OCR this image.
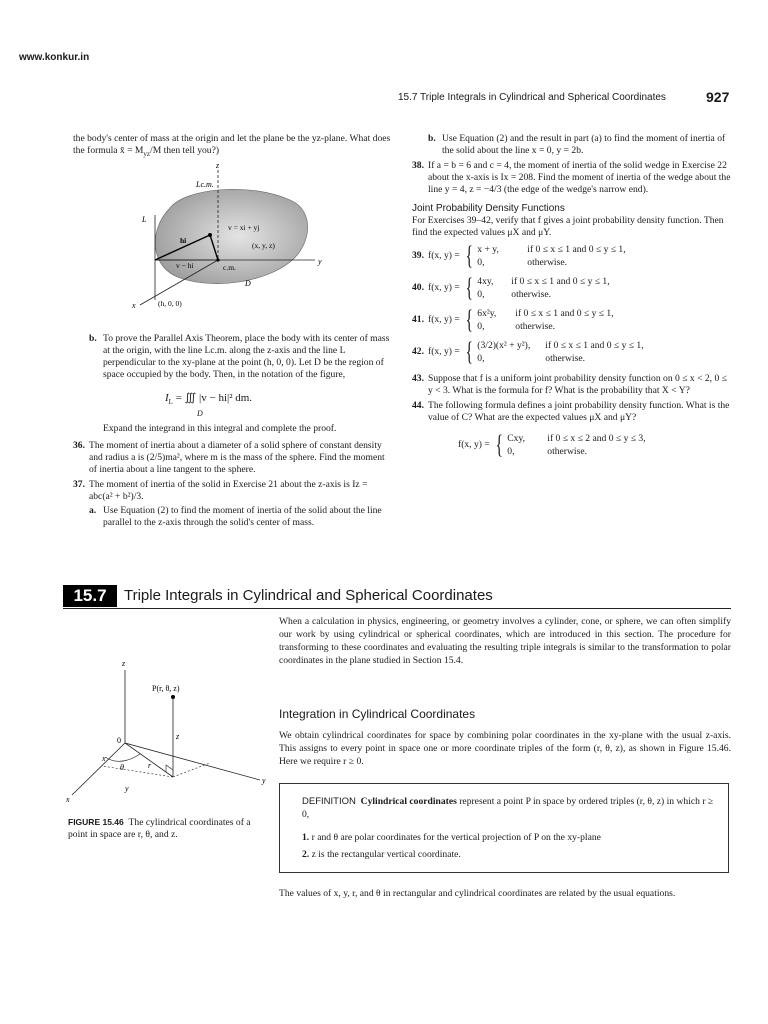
www.konkur.in
15.7 Triple Integrals in Cylindrical and Spherical Coordinates	927

the body's center of mass at the origin and let the plane be the yz-plane. What does the formula x̄ = $M_{yz}/M$ then tell you?)

Lc.m.
L
z
y
x
v = xi + yj
(x, y, z)
hi
v − hi	c.m.
D
(h, 0, 0)
b. To prove the Parallel Axis Theorem, place the body with its center of mass at the origin, with the line Lc.m. along the z-axis and the line L perpendicular to the xy-plane at the point (h, 0, 0). Let D be the region of space occupied by the body. Then, in the notation of the figure,

$I_L$ = ∭ |v − hi|² dm.
D

Expand the integrand in this integral and complete the proof.

36. The moment of inertia about a diameter of a solid sphere of constant density and radius a is (2/5)ma², where m is the mass of the sphere. Find the moment of inertia about a line tangent to the sphere.

37. The moment of inertia of the solid in Exercise 21 about the z-axis is Iz = abc(a² + b²)/3.

a. Use Equation (2) to find the moment of inertia of the solid about the line parallel to the z-axis through the solid's center of mass.

b. Use Equation (2) and the result in part (a) to find the moment of inertia of the solid about the line x = 0, y = 2b.

38. If a = b = 6 and c = 4, the moment of inertia of the solid wedge in Exercise 22 about the x-axis is Ix = 208. Find the moment of inertia of the wedge about the line y = 4, z = −4/3 (the edge of the wedge's narrow end).

Joint Probability Density Functions

For Exercises 39–42, verify that f gives a joint probability density function. Then find the expected values μX and μY.

39. f(x, y) = { x + y,	if 0 ≤ x ≤ 1 and 0 ≤ y ≤ 1,
0,	otherwise.
40. f(x, y) = { 4xy, if 0 ≤ x ≤ 1 and 0 ≤ y ≤ 1,
0,	otherwise.
41. f(x, y) = { 6x²y, if 0 ≤ x ≤ 1 and 0 ≤ y ≤ 1,
0,	otherwise.
42. f(x, y) = { (3/2)(x² + y²), if 0 ≤ x ≤ 1 and 0 ≤ y ≤ 1,
0,	otherwise.
43. Suppose that f is a uniform joint probability density function on 0 ≤ x < 2, 0 ≤ y < 3. What is the formula for f? What is the probability that X < Y?

44. The following formula defines a joint probability density function. What is the value of C? What are the expected values μX and μY?

f(x, y) = { Cxy, if 0 ≤ x ≤ 2 and 0 ≤ y ≤ 3,
0,	otherwise.
15.7	Triple Integrals in Cylindrical and Spherical Coordinates
When a calculation in physics, engineering, or geometry involves a cylinder, cone, or sphere, we can often simplify our work by using cylindrical or spherical coordinates, which are introduced in this section. The procedure for transforming to these coordinates and evaluating the resulting triple integrals is similar to the transformation to polar coordinates in the plane studied in Section 15.4.
Integration in Cylindrical Coordinates
We obtain cylindrical coordinates for space by combining polar coordinates in the xy-plane with the usual z-axis. This assigns to every point in space one or more coordinate triples of the form (r, θ, z), as shown in Figure 15.46. Here we require r ≥ 0.
DEFINITION Cylindrical coordinates represent a point P in space by ordered triples (r, θ, z) in which r ≥ 0,
1. r and θ are polar coordinates for the vertical projection of P on the xy-plane
2. z is the rectangular vertical coordinate.
The values of x, y, r, and θ in rectangular and cylindrical coordinates are related by the usual equations.
z
P(r, θ, z)
z
0
x
θ	r
y
y
x
FIGURE 15.46 The cylindrical coordinates of a point in space are r, θ, and z.
